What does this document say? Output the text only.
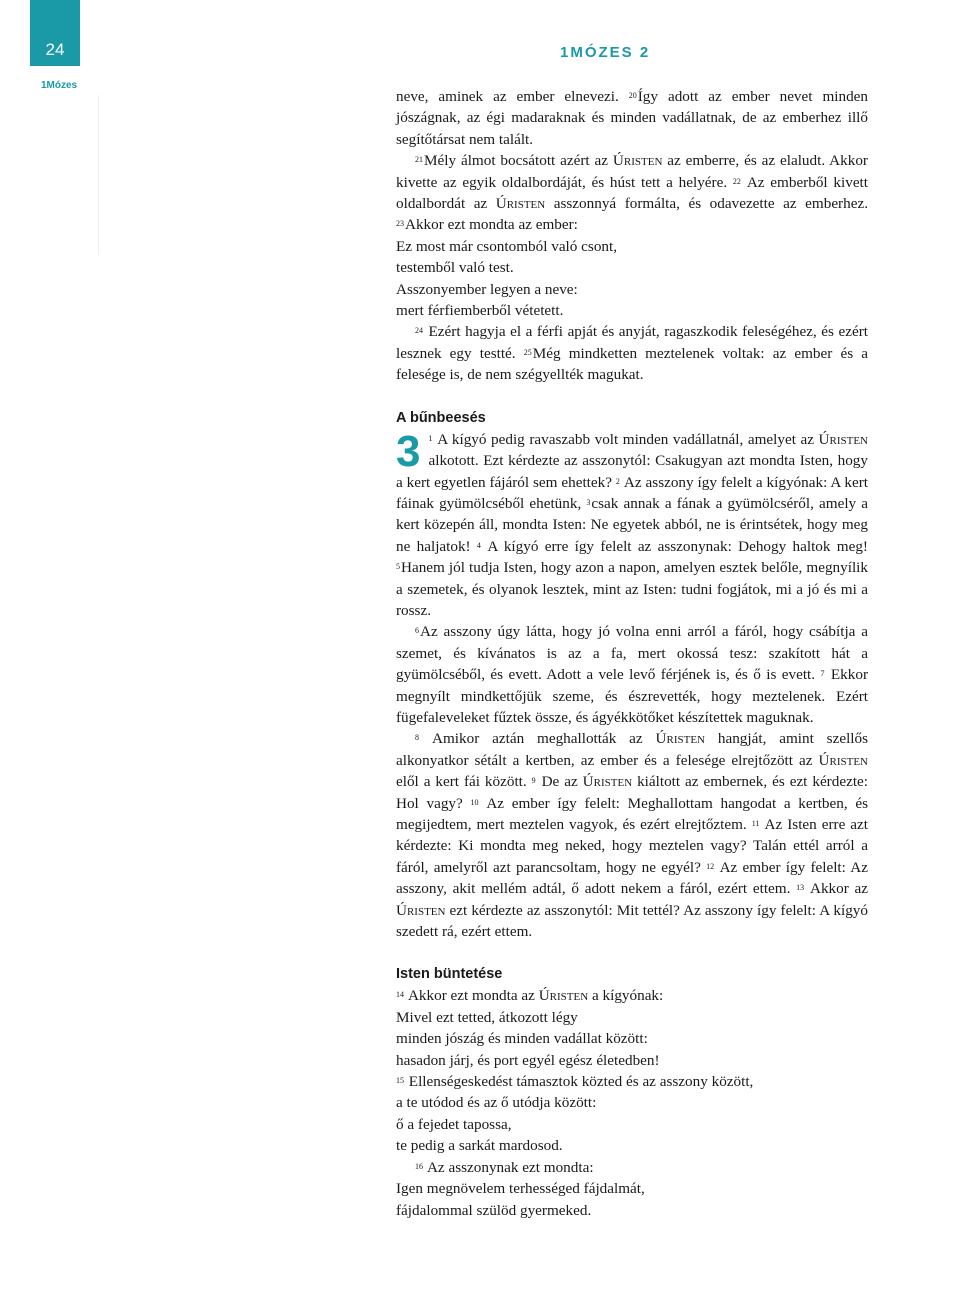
24
1Mózes
1MÓZES 2

neve, aminek az ember elnevezi. $^{20}$Így adott az ember nevet minden jószágnak, az égi madaraknak és minden vadállatnak, de az emberhez illő segítőtársat nem talált.

$^{21}$Mély álmot bocsátott azért az Úristen az emberre, és az elaludt. Akkor kivette az egyik oldalbordáját, és húst tett a helyére. $^{22}$ Az emberből kivett oldalbordát az Úristen asszonnyá formálta, és odavezette az emberhez. $^{23}$Akkor ezt mondta az ember:

Ez most már csontomból való csont,
testemből való test.
Asszonyember legyen a neve:
mert férfiemberből vétetett.

$^{24}$ Ezért hagyja el a férfi apját és anyját, ragaszkodik feleségéhez, és ezért lesznek egy testté. $^{25}$Még mindketten meztelenek voltak: az ember és a felesége is, de nem szégyellték magukat.

A bűnbeesés

3 $^1$ A kígyó pedig ravaszabb volt minden vadállatnál, amelyet az Úristen alkotott. Ezt kérdezte az asszonytól: Csakugyan azt mondta Isten, hogy a kert egyetlen fájáról sem ehettek? $^2$ Az asszony így felelt a kígyónak: A kert fáinak gyümölcséből ehetünk, $^3$csak annak a fának a gyümölcséről, amely a kert közepén áll, mondta Isten: Ne egyetek abból, ne is érintsétek, hogy meg ne haljatok! $^4$ A kígyó erre így felelt az asszonynak: Dehogy haltok meg! $^5$Hanem jól tudja Isten, hogy azon a napon, amelyen esztek belőle, megnyílik a szemetek, és olyanok lesztek, mint az Isten: tudni fogjátok, mi a jó és mi a rossz.

$^6$Az asszony úgy látta, hogy jó volna enni arról a fáról, hogy csábítja a szemet, és kívánatos is az a fa, mert okossá tesz: szakított hát a gyümölcséből, és evett. Adott a vele levő férjének is, és ő is evett. $^7$ Ekkor megnyílt mindkettőjük szeme, és észrevették, hogy meztelenek. Ezért fügefaleveleket fűztek össze, és ágyékkötőket készítettek maguknak.

$^8$ Amikor aztán meghallották az Úristen hangját, amint szellős alkonyatkor sétált a kertben, az ember és a felesége elrejtőzött az Úristen elől a kert fái között. $^9$ De az Úristen kiáltott az embernek, és ezt kérdezte: Hol vagy? $^{10}$ Az ember így felelt: Meghallottam hangodat a kertben, és megijedtem, mert meztelen vagyok, és ezért elrejtőztem. $^{11}$ Az Isten erre azt kérdezte: Ki mondta meg neked, hogy meztelen vagy? Talán ettél arról a fáról, amelyről azt parancsoltam, hogy ne egyél? $^{12}$ Az ember így felelt: Az asszony, akit mellém adtál, ő adott nekem a fáról, ezért ettem. $^{13}$ Akkor az Úristen ezt kérdezte az asszonytól: Mit tettél? Az asszony így felelt: A kígyó szedett rá, ezért ettem.

Isten büntetése
$^{14}$ Akkor ezt mondta az Úristen a kígyónak:
Mivel ezt tetted, átkozott légy
minden jószág és minden vadállat között:
hasadon járj, és port egyél egész életedben!
$^{15}$ Ellenségeskedést támasztok közted és az asszony között,
a te utódod és az ő utódja között:
ő a fejedet tapossa,
te pedig a sarkát mardosod.
$^{16}$ Az asszonynak ezt mondta:
Igen megnövelem terhességed fájdalmát,
fájdalommal szülöd gyermeked.
